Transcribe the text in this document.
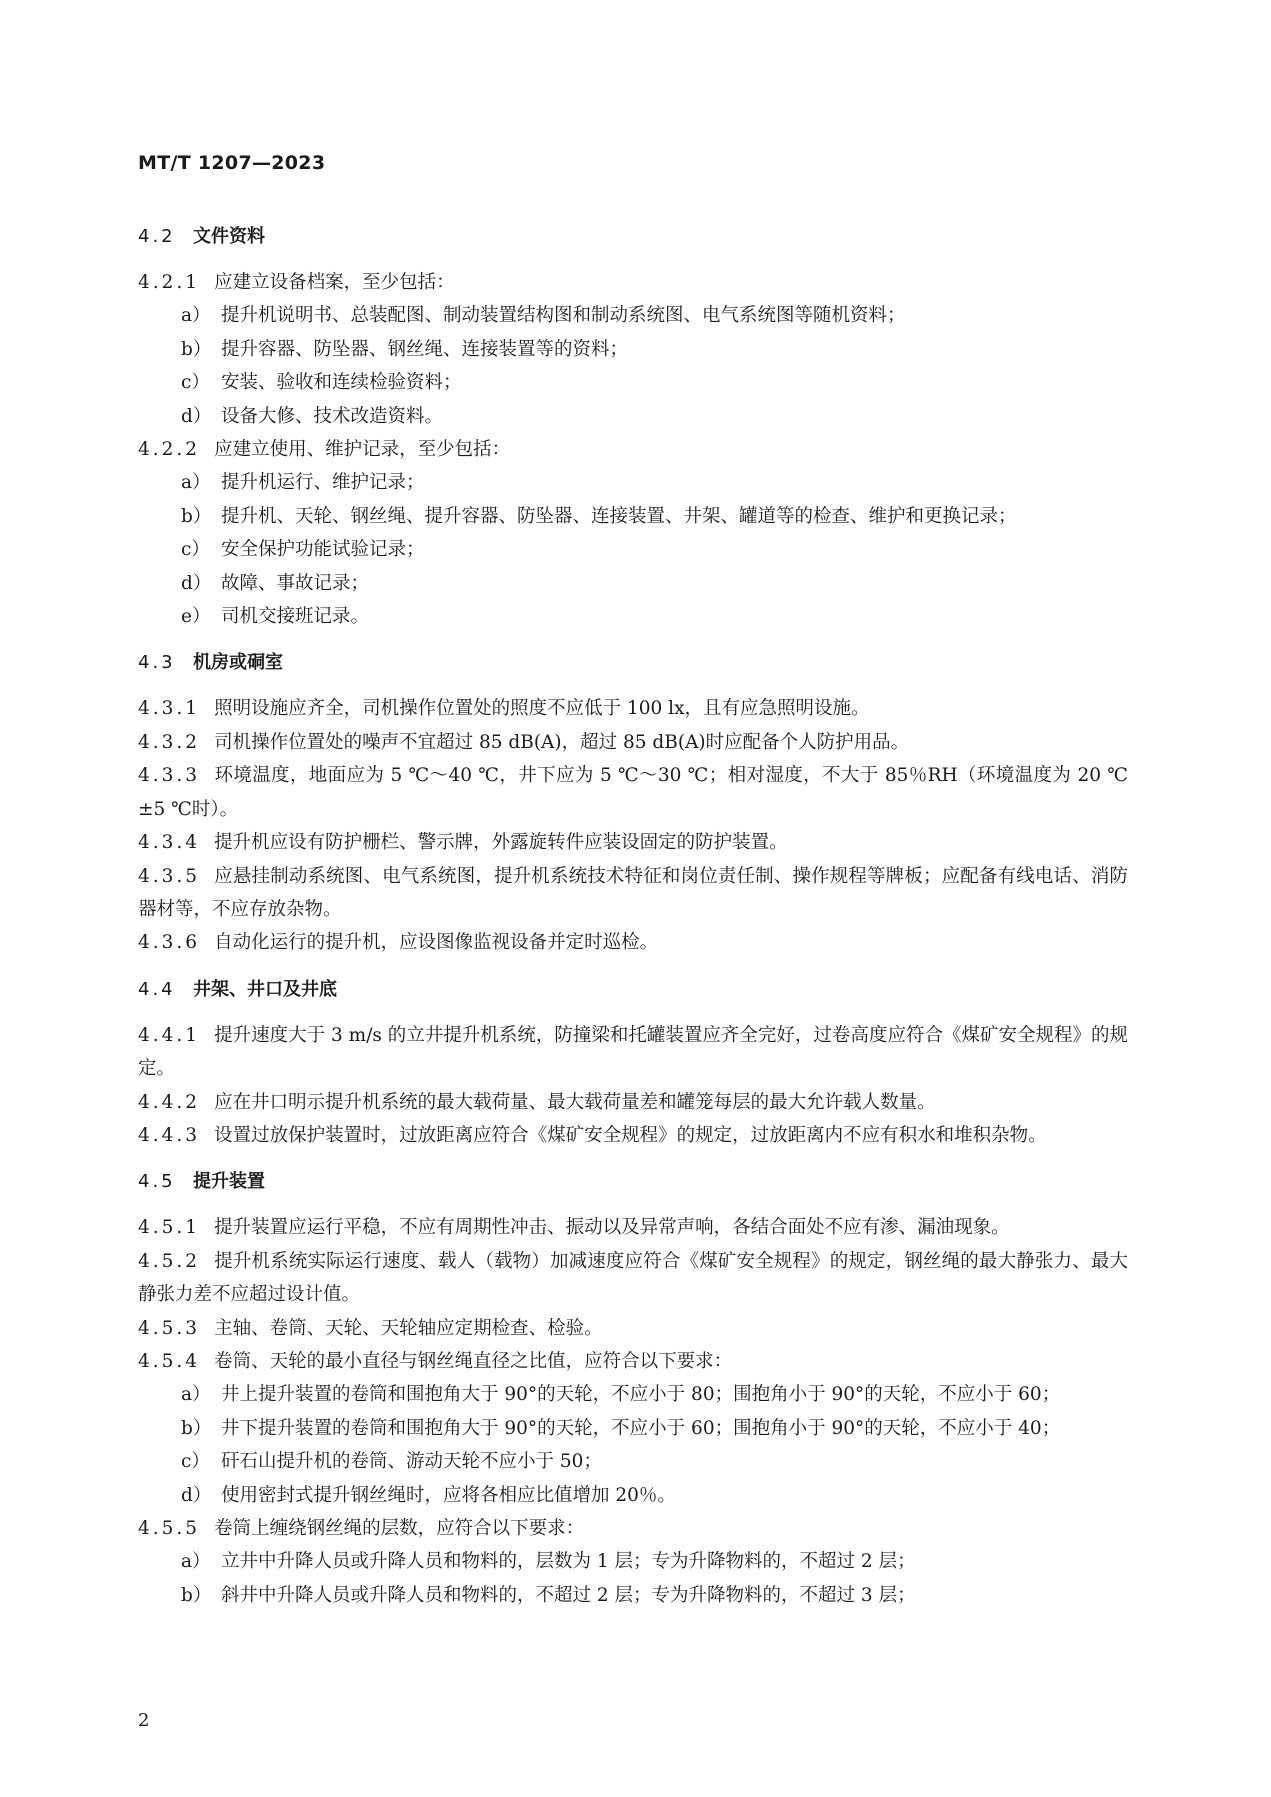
MT/T 1207—2023
4.2 文件资料
4.2.1 应建立设备档案，至少包括：
a） 提升机说明书、总装配图、制动装置结构图和制动系统图、电气系统图等随机资料；
b） 提升容器、防坠器、钢丝绳、连接装置等的资料；
c） 安装、验收和连续检验资料；
d） 设备大修、技术改造资料。
4.2.2 应建立使用、维护记录，至少包括：
a） 提升机运行、维护记录；
b） 提升机、天轮、钢丝绳、提升容器、防坠器、连接装置、井架、罐道等的检查、维护和更换记录；
c） 安全保护功能试验记录；
d） 故障、事故记录；
e） 司机交接班记录。
4.3 机房或硐室
4.3.1 照明设施应齐全，司机操作位置处的照度不应低于 100 lx，且有应急照明设施。
4.3.2 司机操作位置处的噪声不宜超过 85 dB(A)，超过 85 dB(A)时应配备个人防护用品。
4.3.3 环境温度，地面应为 5 ℃～40 ℃，井下应为 5 ℃～30 ℃；相对湿度，不大于 85％RH（环境温度为 20 ℃±5 ℃时）。
4.3.4 提升机应设有防护栅栏、警示牌，外露旋转件应装设固定的防护装置。
4.3.5 应悬挂制动系统图、电气系统图，提升机系统技术特征和岗位责任制、操作规程等牌板；应配备有线电话、消防器材等，不应存放杂物。
4.3.6 自动化运行的提升机，应设图像监视设备并定时巡检。
4.4 井架、井口及井底
4.4.1 提升速度大于 3 m/s 的立井提升机系统，防撞梁和托罐装置应齐全完好，过卷高度应符合《煤矿安全规程》的规定。
4.4.2 应在井口明示提升机系统的最大载荷量、最大载荷量差和罐笼每层的最大允许载人数量。
4.4.3 设置过放保护装置时，过放距离应符合《煤矿安全规程》的规定，过放距离内不应有积水和堆积杂物。
4.5 提升装置
4.5.1 提升装置应运行平稳，不应有周期性冲击、振动以及异常声响，各结合面处不应有渗、漏油现象。
4.5.2 提升机系统实际运行速度、载人（载物）加减速度应符合《煤矿安全规程》的规定，钢丝绳的最大静张力、最大静张力差不应超过设计值。
4.5.3 主轴、卷筒、天轮、天轮轴应定期检查、检验。
4.5.4 卷筒、天轮的最小直径与钢丝绳直径之比值，应符合以下要求：
a） 井上提升装置的卷筒和围抱角大于 90°的天轮，不应小于 80；围抱角小于 90°的天轮，不应小于 60；
b） 井下提升装置的卷筒和围抱角大于 90°的天轮，不应小于 60；围抱角小于 90°的天轮，不应小于 40；
c） 矸石山提升机的卷筒、游动天轮不应小于 50；
d） 使用密封式提升钢丝绳时，应将各相应比值增加 20％。
4.5.5 卷筒上缠绕钢丝绳的层数，应符合以下要求：
a） 立井中升降人员或升降人员和物料的，层数为 1 层；专为升降物料的，不超过 2 层；
b） 斜井中升降人员或升降人员和物料的，不超过 2 层；专为升降物料的，不超过 3 层；
2
